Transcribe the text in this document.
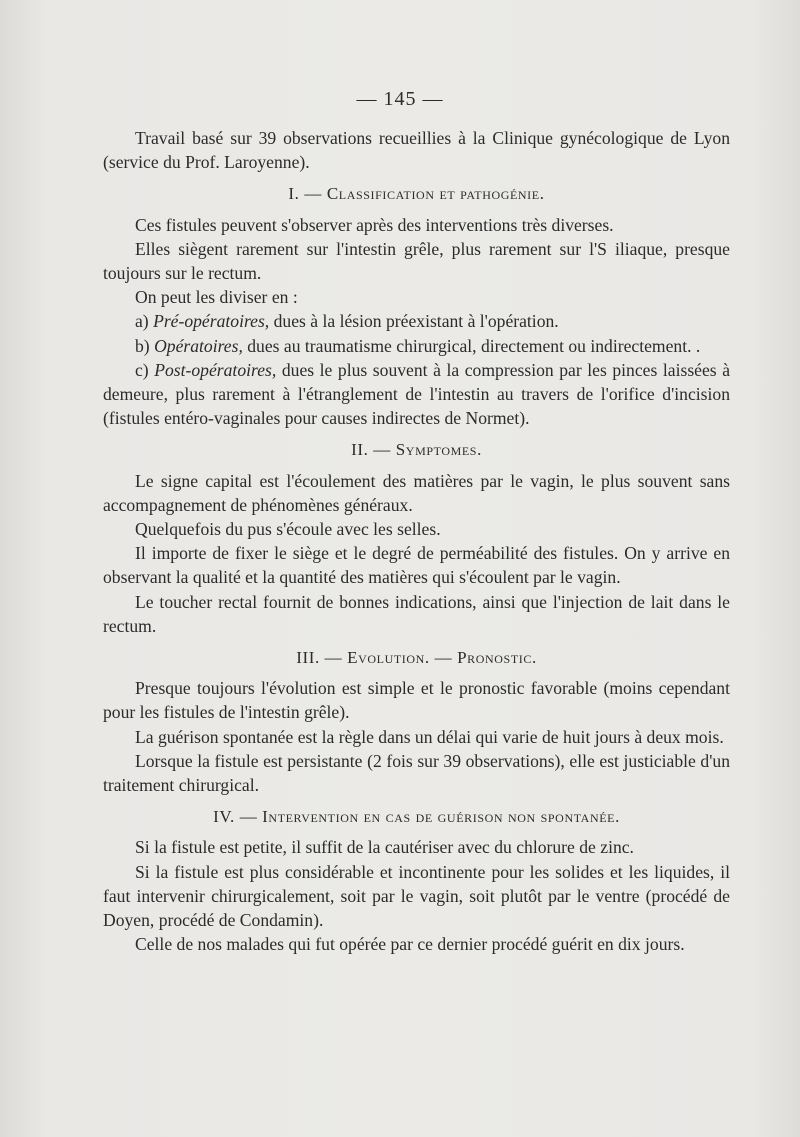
— 145 —

Travail basé sur 39 observations recueillies à la Clinique gynécologique de Lyon (service du Prof. Laroyenne).

I. — Classification et pathogénie.

Ces fistules peuvent s'observer après des interventions très diverses.

Elles siègent rarement sur l'intestin grêle, plus rarement sur l'S iliaque, presque toujours sur le rectum.

On peut les diviser en :

a) Pré-opératoires, dues à la lésion préexistant à l'opération.

b) Opératoires, dues au traumatisme chirurgical, directement ou indirectement. .

c) Post-opératoires, dues le plus souvent à la compression par les pinces laissées à demeure, plus rarement à l'étranglement de l'intestin au travers de l'orifice d'incision (fistules entéro-vaginales pour causes indirectes de Normet).

II. — Symptomes.

Le signe capital est l'écoulement des matières par le vagin, le plus souvent sans accompagnement de phénomènes généraux.

Quelquefois du pus s'écoule avec les selles.

Il importe de fixer le siège et le degré de perméabilité des fistules. On y arrive en observant la qualité et la quantité des matières qui s'écoulent par le vagin.

Le toucher rectal fournit de bonnes indications, ainsi que l'injection de lait dans le rectum.

III. — Evolution. — Pronostic.

Presque toujours l'évolution est simple et le pronostic favorable (moins cependant pour les fistules de l'intestin grêle).

La guérison spontanée est la règle dans un délai qui varie de huit jours à deux mois.

Lorsque la fistule est persistante (2 fois sur 39 observations), elle est justiciable d'un traitement chirurgical.

IV. — Intervention en cas de guérison non spontanée.

Si la fistule est petite, il suffit de la cautériser avec du chlorure de zinc.

Si la fistule est plus considérable et incontinente pour les solides et les liquides, il faut intervenir chirurgicalement, soit par le vagin, soit plutôt par le ventre (procédé de Doyen, procédé de Condamin).

Celle de nos malades qui fut opérée par ce dernier procédé guérit en dix jours.
